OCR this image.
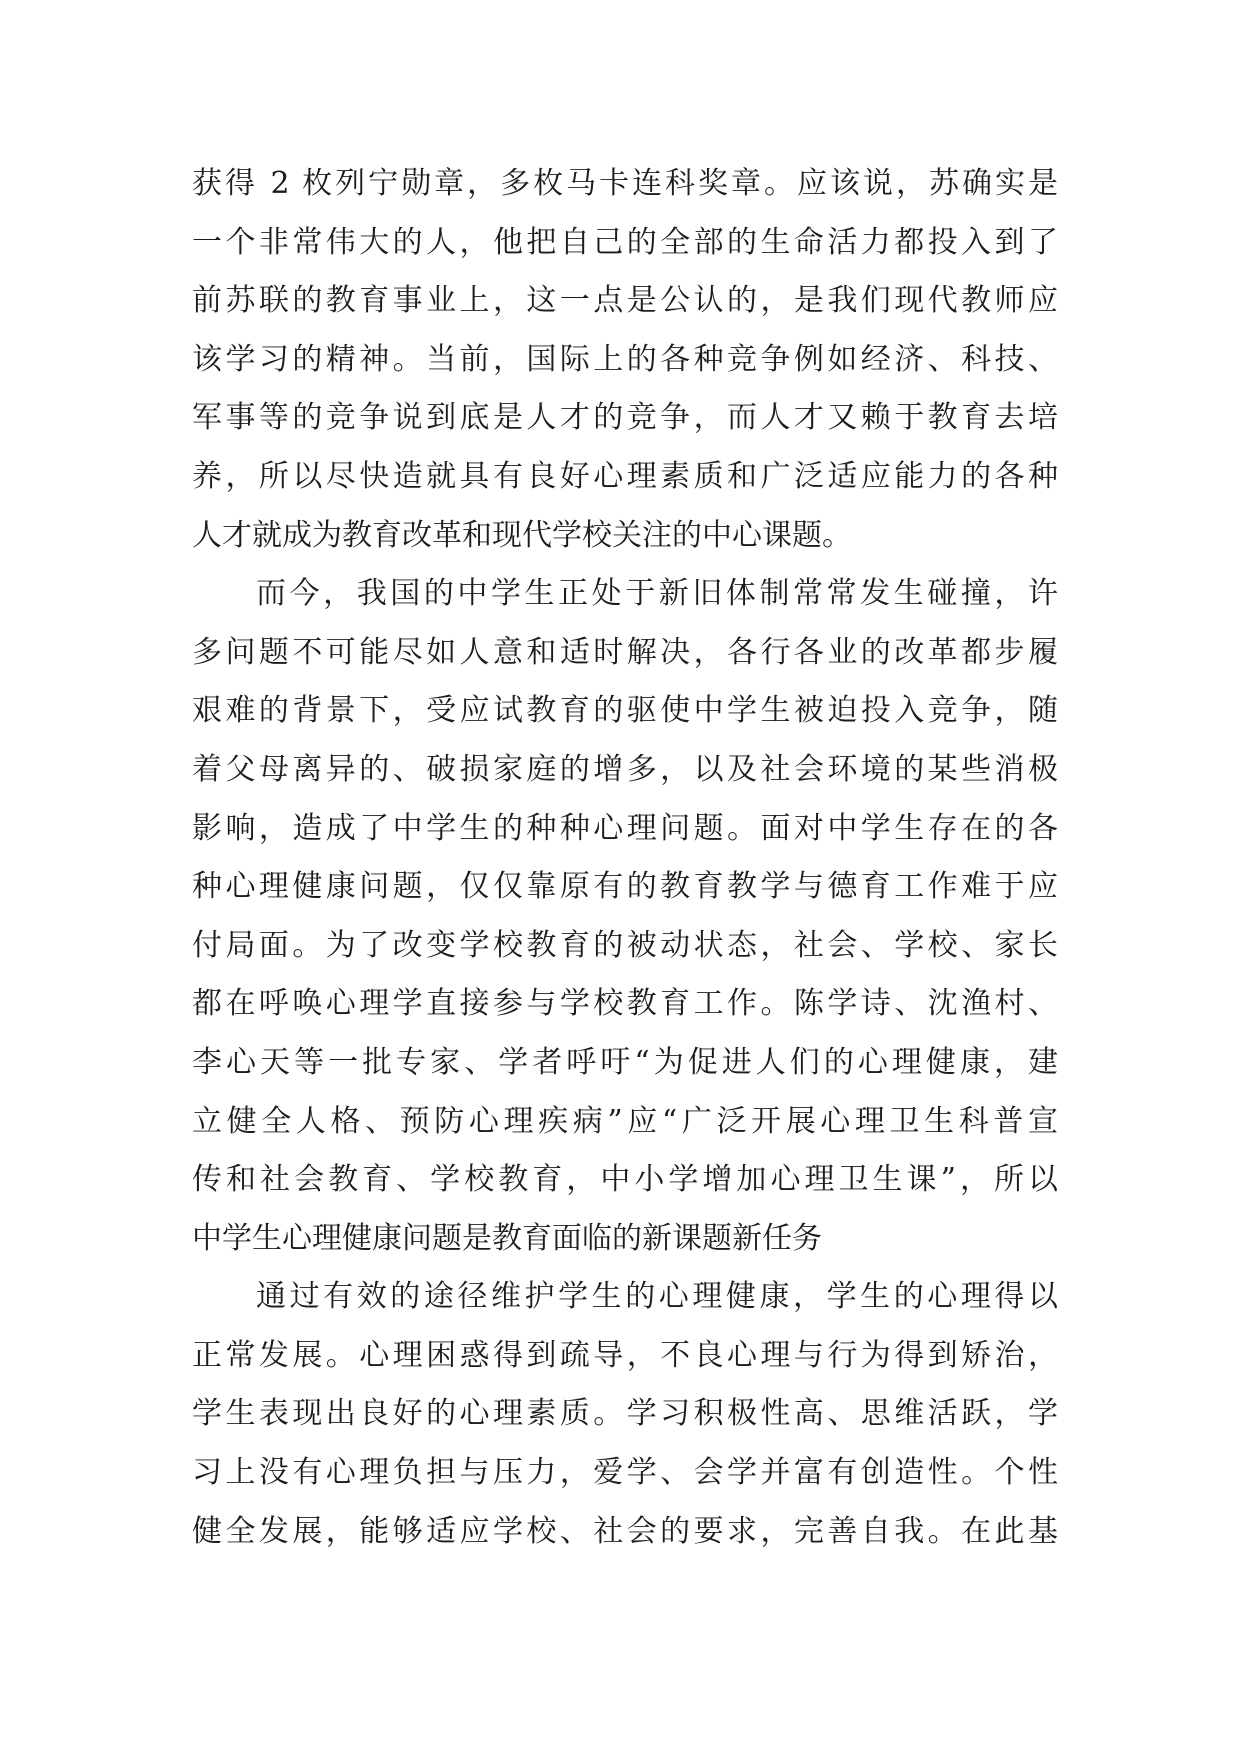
获得 2 枚列宁勋章，多枚马卡连科奖章。应该说，苏确实是
一个非常伟大的人，他把自己的全部的生命活力都投入到了
前苏联的教育事业上，这一点是公认的，是我们现代教师应
该学习的精神。当前，国际上的各种竞争例如经济、科技、
军事等的竞争说到底是人才的竞争，而人才又赖于教育去培
养，所以尽快造就具有良好心理素质和广泛适应能力的各种
人才就成为教育改革和现代学校关注的中心课题。
而今，我国的中学生正处于新旧体制常常发生碰撞，许
多问题不可能尽如人意和适时解决，各行各业的改革都步履
艰难的背景下，受应试教育的驱使中学生被迫投入竞争，随
着父母离异的、破损家庭的增多，以及社会环境的某些消极
影响，造成了中学生的种种心理问题。面对中学生存在的各
种心理健康问题，仅仅靠原有的教育教学与德育工作难于应
付局面。为了改变学校教育的被动状态，社会、学校、家长
都在呼唤心理学直接参与学校教育工作。陈学诗、沈渔村、
李心天等一批专家、学者呼吁“为促进人们的心理健康，建
立健全人格、预防心理疾病”应“广泛开展心理卫生科普宣
传和社会教育、学校教育，中小学增加心理卫生课”，所以
中学生心理健康问题是教育面临的新课题新任务
通过有效的途径维护学生的心理健康，学生的心理得以
正常发展。心理困惑得到疏导，不良心理与行为得到矫治，
学生表现出良好的心理素质。学习积极性高、思维活跃，学
习上没有心理负担与压力，爱学、会学并富有创造性。个性
健全发展，能够适应学校、社会的要求，完善自我。在此基
